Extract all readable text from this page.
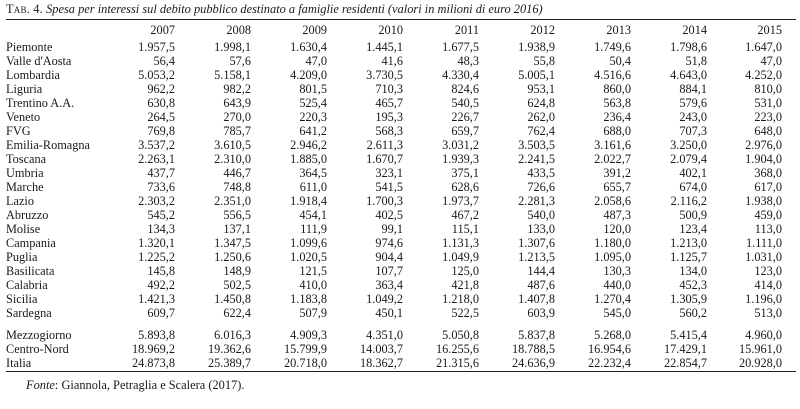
Tab. 4. Spesa per interessi sul debito pubblico destinato a famiglie residenti (valori in milioni di euro 2016)
	2007	2008	2009	2010	2011	2012	2013	2014	2015
Piemonte	1.957,5	1.998,1	1.630,4	1.445,1	1.677,5	1.938,9	1.749,6	1.798,6	1.647,0
Valle d'Aosta	56,4	57,6	47,0	41,6	48,3	55,8	50,4	51,8	47,0
Lombardia	5.053,2	5.158,1	4.209,0	3.730,5	4.330,4	5.005,1	4.516,6	4.643,0	4.252,0
Liguria	962,2	982,2	801,5	710,3	824,6	953,1	860,0	884,1	810,0
Trentino A.A.	630,8	643,9	525,4	465,7	540,5	624,8	563,8	579,6	531,0
Veneto	264,5	270,0	220,3	195,3	226,7	262,0	236,4	243,0	223,0
FVG	769,8	785,7	641,2	568,3	659,7	762,4	688,0	707,3	648,0
Emilia-Romagna	3.537,2	3.610,5	2.946,2	2.611,3	3.031,2	3.503,5	3.161,6	3.250,0	2.976,0
Toscana	2.263,1	2.310,0	1.885,0	1.670,7	1.939,3	2.241,5	2.022,7	2.079,4	1.904,0
Umbria	437,7	446,7	364,5	323,1	375,1	433,5	391,2	402,1	368,0
Marche	733,6	748,8	611,0	541,5	628,6	726,6	655,7	674,0	617,0
Lazio	2.303,2	2.351,0	1.918,4	1.700,3	1.973,7	2.281,3	2.058,6	2.116,2	1.938,0
Abruzzo	545,2	556,5	454,1	402,5	467,2	540,0	487,3	500,9	459,0
Molise	134,3	137,1	111,9	99,1	115,1	133,0	120,0	123,4	113,0
Campania	1.320,1	1.347,5	1.099,6	974,6	1.131,3	1.307,6	1.180,0	1.213,0	1.111,0
Puglia	1.225,2	1.250,6	1.020,5	904,4	1.049,9	1.213,5	1.095,0	1.125,7	1.031,0
Basilicata	145,8	148,9	121,5	107,7	125,0	144,4	130,3	134,0	123,0
Calabria	492,2	502,5	410,0	363,4	421,8	487,6	440,0	452,3	414,0
Sicilia	1.421,3	1.450,8	1.183,8	1.049,2	1.218,0	1.407,8	1.270,4	1.305,9	1.196,0
Sardegna	609,7	622,4	507,9	450,1	522,5	603,9	545,0	560,2	513,0

Mezzogiorno	5.893,8	6.016,3	4.909,3	4.351,0	5.050,8	5.837,8	5.268,0	5.415,4	4.960,0
Centro-Nord	18.969,2	19.362,6	15.799,9	14.003,7	16.255,6	18.788,5	16.954,6	17.429,1	15.961,0
Italia	24.873,8	25.389,7	20.718,0	18.362,7	21.315,6	24.636,9	22.232,4	22.854,7	20.928,0
Fonte: Giannola, Petraglia e Scalera (2017).
